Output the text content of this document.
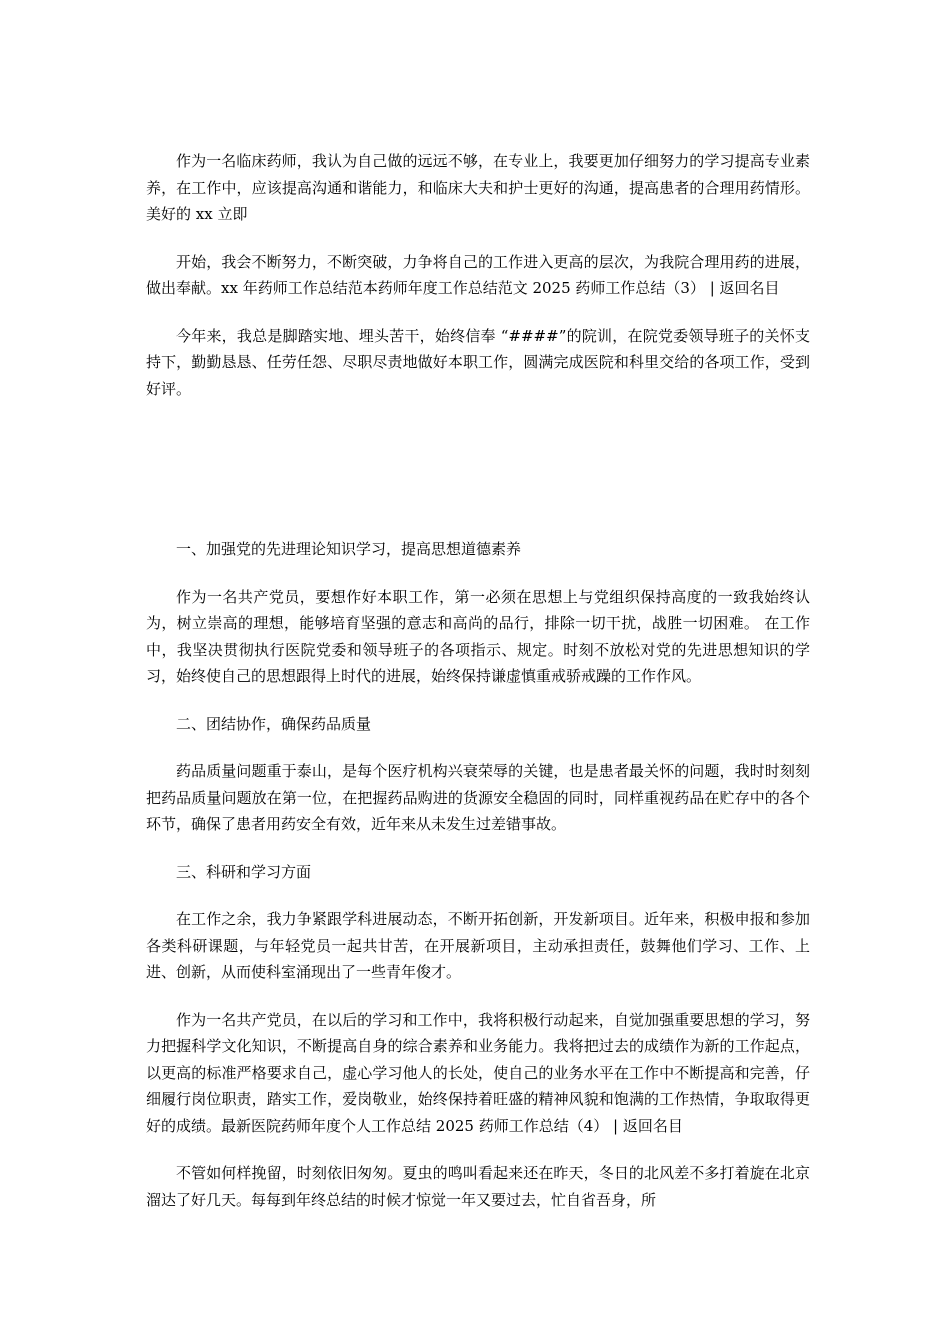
作为一名临床药师，我认为自己做的远远不够，在专业上，我要更加仔细努力的学习提高专业素养，在工作中，应该提高沟通和谐能力，和临床大夫和护士更好的沟通，提高患者的合理用药情形。美好的 xx 立即

开始，我会不断努力，不断突破，力争将自己的工作进入更高的层次，为我院合理用药的进展，做出奉献。xx 年药师工作总结范本药师年度工作总结范文 2025 药师工作总结（3） | 返回名目

今年来，我总是脚踏实地、埋头苦干，始终信奉 “####”的院训，在院党委领导班子的关怀支持下，勤勤恳恳、任劳任怨、尽职尽责地做好本职工作，圆满完成医院和科里交给的各项工作，受到好评。

一、加强党的先进理论知识学习，提高思想道德素养

作为一名共产党员，要想作好本职工作，第一必须在思想上与党组织保持高度的一致我始终认为，树立崇高的理想，能够培育坚强的意志和高尚的品行，排除一切干扰，战胜一切困难。 在工作中，我坚决贯彻执行医院党委和领导班子的各项指示、规定。时刻不放松对党的先进思想知识的学习，始终使自己的思想跟得上时代的进展，始终保持谦虚慎重戒骄戒躁的工作作风。

二、团结协作，确保药品质量

药品质量问题重于泰山，是每个医疗机构兴衰荣辱的关键，也是患者最关怀的问题，我时时刻刻把药品质量问题放在第一位，在把握药品购进的货源安全稳固的同时，同样重视药品在贮存中的各个环节，确保了患者用药安全有效，近年来从未发生过差错事故。

三、科研和学习方面

在工作之余，我力争紧跟学科进展动态，不断开拓创新，开发新项目。近年来，积极申报和参加各类科研课题，与年轻党员一起共甘苦，在开展新项目，主动承担责任，鼓舞他们学习、工作、上进、创新，从而使科室涌现出了一些青年俊才。

作为一名共产党员，在以后的学习和工作中，我将积极行动起来，自觉加强重要思想的学习，努力把握科学文化知识，不断提高自身的综合素养和业务能力。我将把过去的成绩作为新的工作起点，以更高的标准严格要求自己，虚心学习他人的长处，使自己的业务水平在工作中不断提高和完善，仔细履行岗位职责，踏实工作，爱岗敬业，始终保持着旺盛的精神风貌和饱满的工作热情，争取取得更好的成绩。最新医院药师年度个人工作总结 2025 药师工作总结（4） | 返回名目

不管如何样挽留，时刻依旧匆匆。夏虫的鸣叫看起来还在昨天，冬日的北风差不多打着旋在北京溜达了好几天。每每到年终总结的时候才惊觉一年又要过去，忙自省吾身，所
